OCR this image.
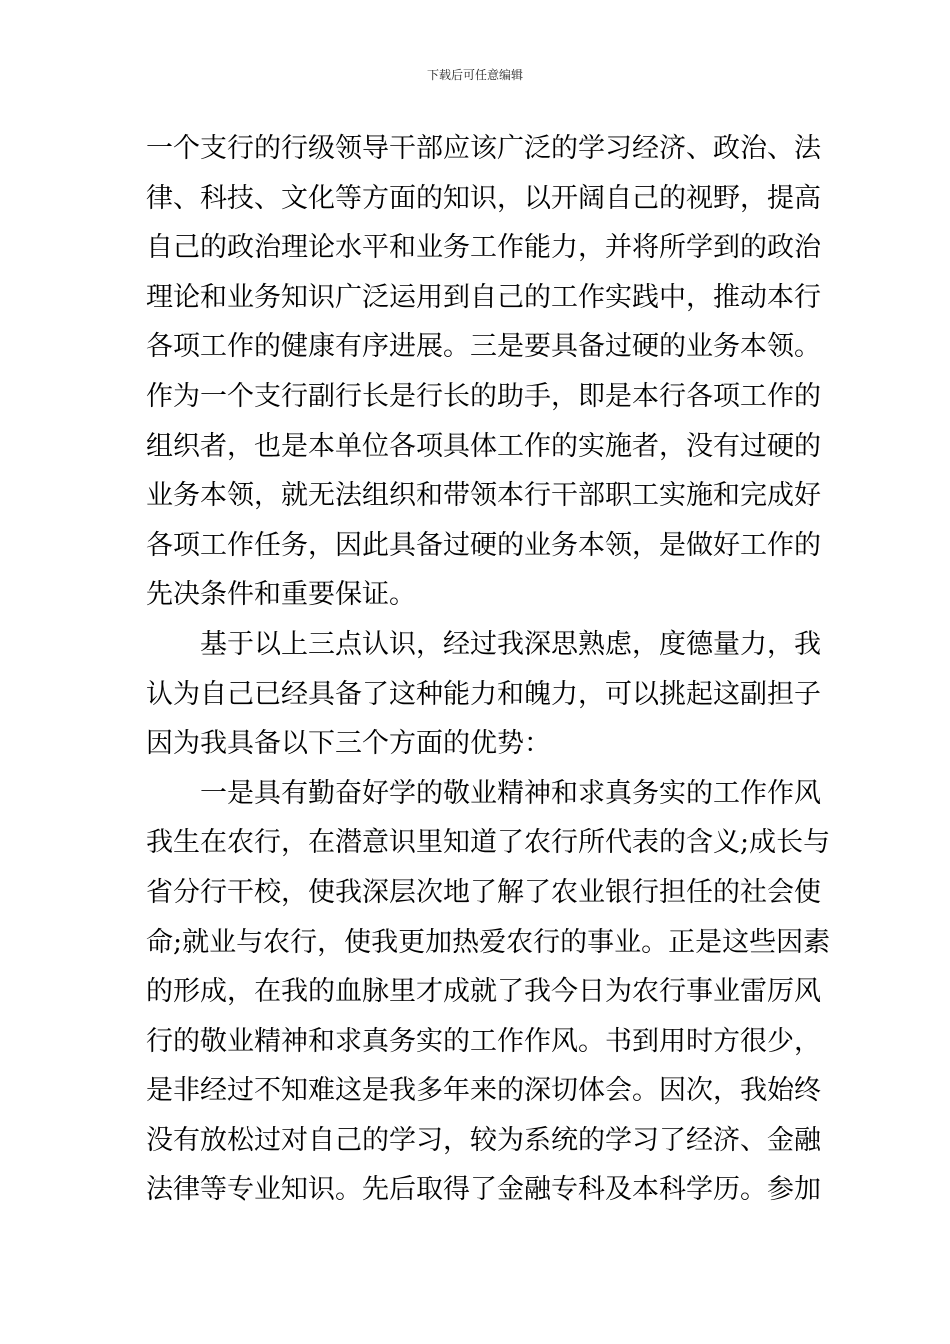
下载后可任意编辑
一个支行的行级领导干部应该广泛的学习经济、政治、法
律、科技、文化等方面的知识，以开阔自己的视野，提高
自己的政治理论水平和业务工作能力，并将所学到的政治
理论和业务知识广泛运用到自己的工作实践中，推动本行
各项工作的健康有序进展。三是要具备过硬的业务本领。
作为一个支行副行长是行长的助手，即是本行各项工作的
组织者，也是本单位各项具体工作的实施者，没有过硬的
业务本领，就无法组织和带领本行干部职工实施和完成好
各项工作任务，因此具备过硬的业务本领，是做好工作的
先决条件和重要保证。
基于以上三点认识，经过我深思熟虑，度德量力，我
认为自己已经具备了这种能力和魄力，可以挑起这副担子
因为我具备以下三个方面的优势：
一是具有勤奋好学的敬业精神和求真务实的工作作风
我生在农行，在潜意识里知道了农行所代表的含义;成长与
省分行干校，使我深层次地了解了农业银行担任的社会使
命;就业与农行，使我更加热爱农行的事业。正是这些因素
的形成，在我的血脉里才成就了我今日为农行事业雷厉风
行的敬业精神和求真务实的工作作风。书到用时方很少，
是非经过不知难这是我多年来的深切体会。因次，我始终
没有放松过对自己的学习，较为系统的学习了经济、金融
法律等专业知识。先后取得了金融专科及本科学历。参加
